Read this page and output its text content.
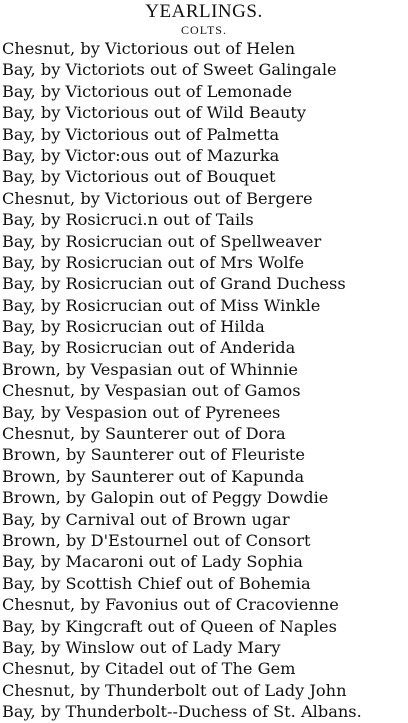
YEARLINGS.
COLTS.
Chesnut, by Victorious out of Helen
Bay, by Victoriots out of Sweet Galingale
Bay, by Victorious out of Lemonade
Bay, by Victorious out of Wild Beauty
Bay, by Victorious out of Palmetta
Bay, by Victor:ous out of Mazurka
Bay, by Victorious out of Bouquet
Chesnut, by Victorious out of Bergere
Bay, by Rosicruci.n out of Tails
Bay, by Rosicrucian out of Spellweaver
Bay, by Rosicrucian out of Mrs Wolfe
Bay, by Rosicrucian out of Grand Duchess
Bay, by Rosicrucian out of Miss Winkle
Bay, by Rosicrucian out of Hilda
Bay, by Rosicrucian out of Anderida
Brown, by Vespasian out of Whinnie
Chesnut, by Vespasian out of Gamos
Bay, by Vespasion out of Pyrenees
Chesnut, by Saunterer out of Dora
Brown, by Saunterer out of Fleuriste
Brown, by Saunterer out of Kapunda
Brown, by Galopin out of Peggy Dowdie
Bay, by Carnival out of Brown ugar
Brown, by D'Estournel out of Consort
Bay, by Macaroni out of Lady Sophia
Bay, by Scottish Chief out of Bohemia
Chesnut, by Favonius out of Cracovienne
Bay, by Kingcraft out of Queen of Naples
Bay, by Winslow out of Lady Mary
Chesnut, by Citadel out of The Gem
Chesnut, by Thunderbolt out of Lady John
Bay, by Thunderbolt--Duchess of St. Albans.
